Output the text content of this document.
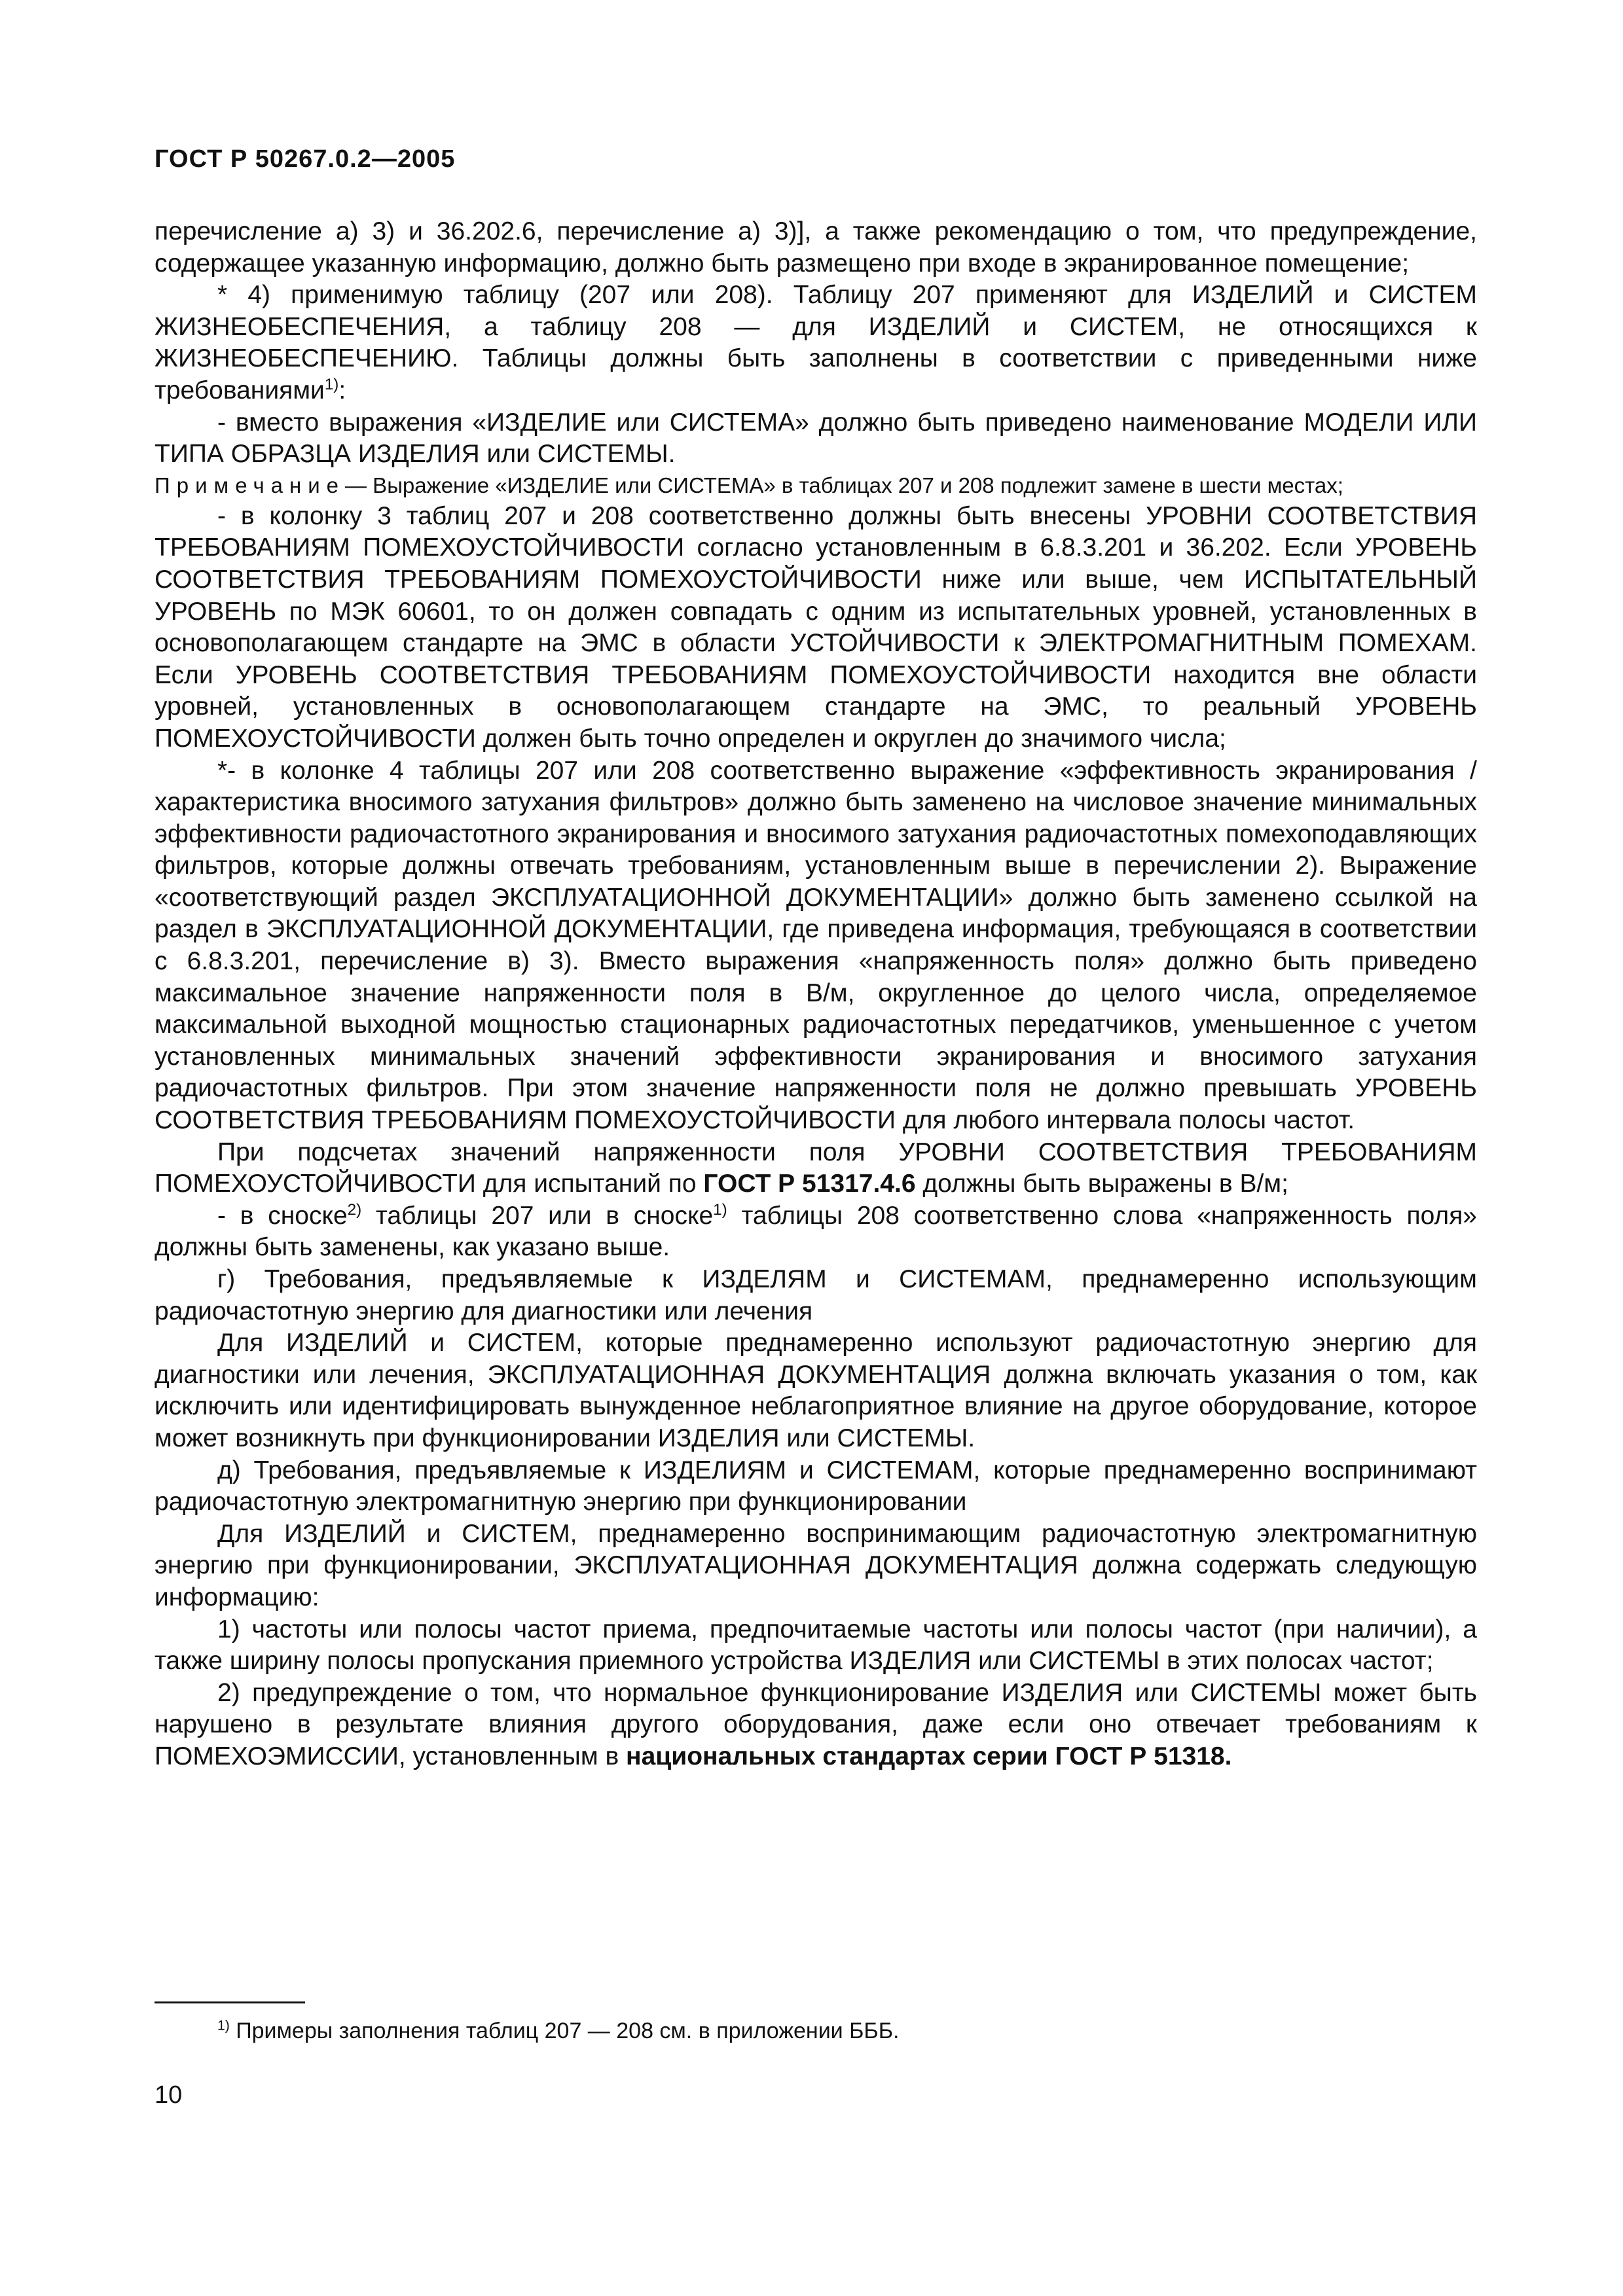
ГОСТ Р 50267.0.2—2005

перечисление а) 3) и 36.202.6, перечисление а) 3)], а также рекомендацию о том, что предупреждение, содержащее указанную информацию, должно быть размещено при входе в экранированное помещение;

* 4) применимую таблицу (207 или 208). Таблицу 207 применяют для ИЗДЕЛИЙ и СИСТЕМ ЖИЗНЕОБЕСПЕЧЕНИЯ, а таблицу 208 — для ИЗДЕЛИЙ и СИСТЕМ, не относящихся к ЖИЗНЕОБЕСПЕЧЕНИЮ. Таблицы должны быть заполнены в соответствии с приведенными ниже требованиями$^{1)}$:

- вместо выражения «ИЗДЕЛИЕ или СИСТЕМА» должно быть приведено наименование МОДЕЛИ ИЛИ ТИПА ОБРАЗЦА ИЗДЕЛИЯ или СИСТЕМЫ.

Примечание— Выражение «ИЗДЕЛИЕ или СИСТЕМА» в таблицах 207 и 208 подлежит замене в шести местах;

- в колонку 3 таблиц 207 и 208 соответственно должны быть внесены УРОВНИ СООТВЕТСТВИЯ ТРЕБОВАНИЯМ ПОМЕХОУСТОЙЧИВОСТИ согласно установленным в 6.8.3.201 и 36.202. Если УРОВЕНЬ СООТВЕТСТВИЯ ТРЕБОВАНИЯМ ПОМЕХОУСТОЙЧИВОСТИ ниже или выше, чем ИСПЫТАТЕЛЬНЫЙ УРОВЕНЬ по МЭК 60601, то он должен совпадать с одним из испытательных уровней, установленных в основополагающем стандарте на ЭМС в области УСТОЙЧИВОСТИ к ЭЛЕКТРОМАГНИТНЫМ ПОМЕХАМ. Если УРОВЕНЬ СООТВЕТСТВИЯ ТРЕБОВАНИЯМ ПОМЕХОУСТОЙЧИВОСТИ находится вне области уровней, установленных в основополагающем стандарте на ЭМС, то реальный УРОВЕНЬ ПОМЕХОУСТОЙЧИВОСТИ должен быть точно определен и округлен до значимого числа;

*- в колонке 4 таблицы 207 или 208 соответственно выражение «эффективность экранирования / характеристика вносимого затухания фильтров» должно быть заменено на числовое значение минимальных эффективности радиочастотного экранирования и вносимого затухания радиочастотных помехоподавляющих фильтров, которые должны отвечать требованиям, установленным выше в перечислении 2). Выражение «соответствующий раздел ЭКСПЛУАТАЦИОННОЙ ДОКУМЕНТАЦИИ» должно быть заменено ссылкой на раздел в ЭКСПЛУАТАЦИОННОЙ ДОКУМЕНТАЦИИ, где приведена информация, требующаяся в соответствии с 6.8.3.201, перечисление в) 3). Вместо выражения «напряженность поля» должно быть приведено максимальное значение напряженности поля в В/м, округленное до целого числа, определяемое максимальной выходной мощностью стационарных радиочастотных передатчиков, уменьшенное с учетом установленных минимальных значений эффективности экранирования и вносимого затухания радиочастотных фильтров. При этом значение напряженности поля не должно превышать УРОВЕНЬ СООТВЕТСТВИЯ ТРЕБОВАНИЯМ ПОМЕХОУСТОЙЧИВОСТИ для любого интервала полосы частот.

При подсчетах значений напряженности поля УРОВНИ СООТВЕТСТВИЯ ТРЕБОВАНИЯМ ПОМЕХОУСТОЙЧИВОСТИ для испытаний по ГОСТ Р 51317.4.6 должны быть выражены в В/м;

- в сноске$^{2)}$ таблицы 207 или в сноске$^{1)}$ таблицы 208 соответственно слова «напряженность поля» должны быть заменены, как указано выше.

г) Требования, предъявляемые к ИЗДЕЛЯМ и СИСТЕМАМ, преднамеренно использующим радиочастотную энергию для диагностики или лечения

Для ИЗДЕЛИЙ и СИСТЕМ, которые преднамеренно используют радиочастотную энергию для диагностики или лечения, ЭКСПЛУАТАЦИОННАЯ ДОКУМЕНТАЦИЯ должна включать указания о том, как исключить или идентифицировать вынужденное неблагоприятное влияние на другое оборудование, которое может возникнуть при функционировании ИЗДЕЛИЯ или СИСТЕМЫ.

д) Требования, предъявляемые к ИЗДЕЛИЯМ и СИСТЕМАМ, которые преднамеренно воспринимают радиочастотную электромагнитную энергию при функционировании

Для ИЗДЕЛИЙ и СИСТЕМ, преднамеренно воспринимающим радиочастотную электромагнитную энергию при функционировании, ЭКСПЛУАТАЦИОННАЯ ДОКУМЕНТАЦИЯ должна содержать следующую информацию:

1) частоты или полосы частот приема, предпочитаемые частоты или полосы частот (при наличии), а также ширину полосы пропускания приемного устройства ИЗДЕЛИЯ или СИСТЕМЫ в этих полосах частот;

2) предупреждение о том, что нормальное функционирование ИЗДЕЛИЯ или СИСТЕМЫ может быть нарушено в результате влияния другого оборудования, даже если оно отвечает требованиям к ПОМЕХОЭМИССИИ, установленным в национальных стандартах серии ГОСТ Р 51318.

$^{1)}$ Примеры заполнения таблиц 207 — 208 см. в приложении БББ.
10
